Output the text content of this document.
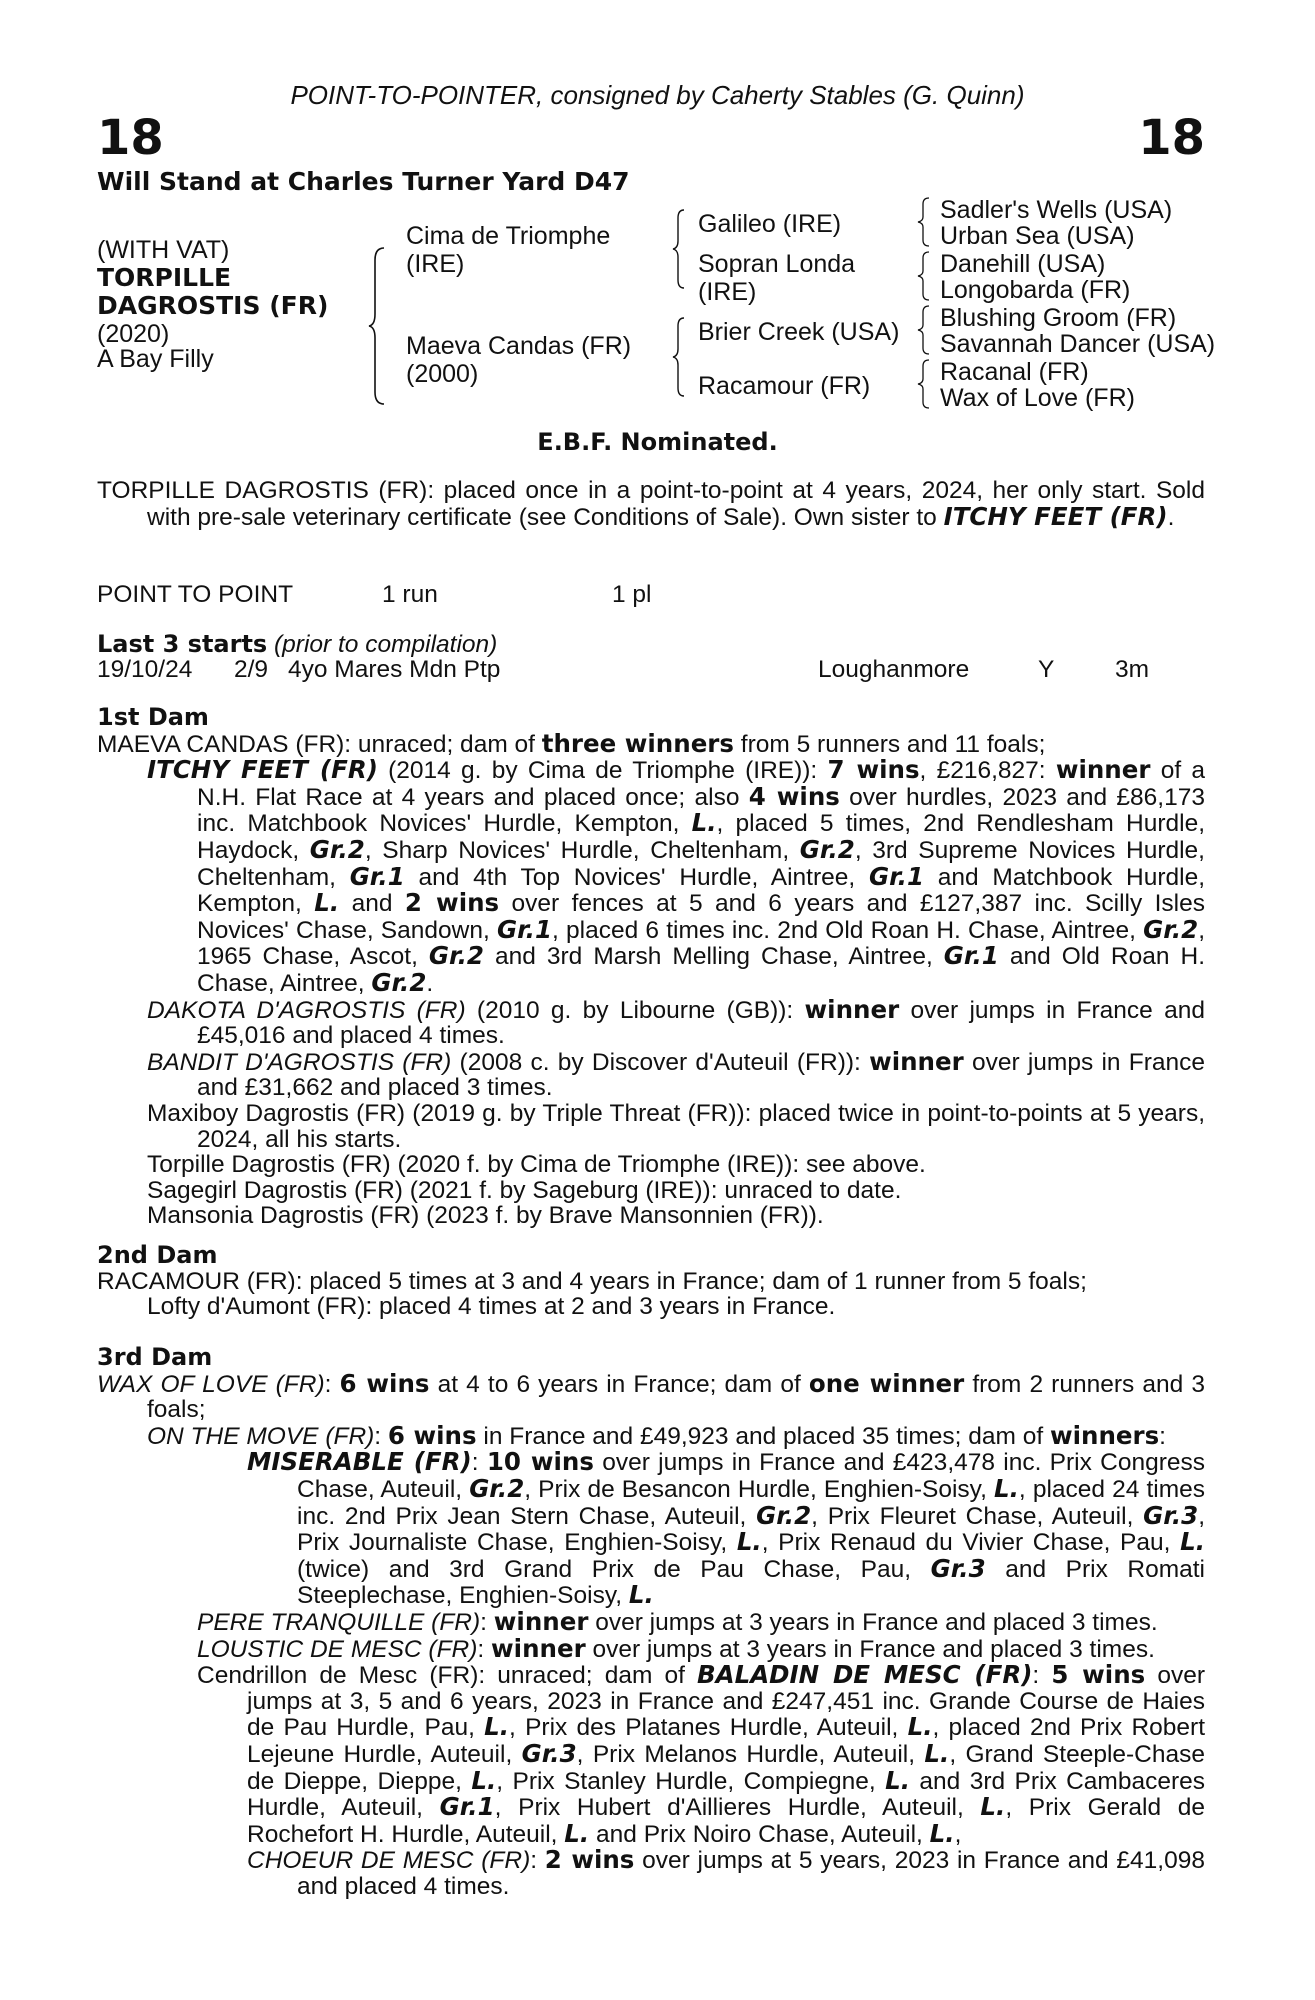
POINT-TO-POINTER, consigned by Caherty Stables (G. Quinn)
18	18
Will Stand at Charles Turner Yard D47
(WITH VAT)
TORPILLE
DAGROSTIS (FR)
(2020)
A Bay Filly
Cima de Triomphe
(IRE)
Maeva Candas (FR)
(2000)
Galileo (IRE)
Sopran Londa
(IRE)
Brier Creek (USA)
Racamour (FR)
Sadler's Wells (USA)
Urban Sea (USA)
Danehill (USA)
Longobarda (FR)
Blushing Groom (FR)
Savannah Dancer (USA)
Racanal (FR)
Wax of Love (FR)
E.B.F. Nominated.

TORPILLE DAGROSTIS (FR): placed once in a point-to-point at 4 years, 2024, her only start. Sold with pre-sale veterinary certificate (see Conditions of Sale). Own sister to ITCHY FEET (FR).

POINT TO POINT	1 run	1 pl
Last 3 starts (prior to compilation)
19/10/24 2/9 4yo Mares Mdn Ptp	Loughanmore	Y 3m

1st Dam

MAEVA CANDAS (FR): unraced; dam of three winners from 5 runners and 11 foals;

ITCHY FEET (FR) (2014 g. by Cima de Triomphe (IRE)): 7 wins, £216,827: winner of a N.H. Flat Race at 4 years and placed once; also 4 wins over hurdles, 2023 and £86,173 inc. Matchbook Novices' Hurdle, Kempton, L., placed 5 times, 2nd Rendlesham Hurdle, Haydock, Gr.2, Sharp Novices' Hurdle, Cheltenham, Gr.2, 3rd Supreme Novices Hurdle, Cheltenham, Gr.1 and 4th Top Novices' Hurdle, Aintree, Gr.1 and Matchbook Hurdle, Kempton, L. and 2 wins over fences at 5 and 6 years and £127,387 inc. Scilly Isles Novices' Chase, Sandown, Gr.1, placed 6 times inc. 2nd Old Roan H. Chase, Aintree, Gr.2, 1965 Chase, Ascot, Gr.2 and 3rd Marsh Melling Chase, Aintree, Gr.1 and Old Roan H. Chase, Aintree, Gr.2.

DAKOTA D'AGROSTIS (FR) (2010 g. by Libourne (GB)): winner over jumps in France and £45,016 and placed 4 times.

BANDIT D'AGROSTIS (FR) (2008 c. by Discover d'Auteuil (FR)): winner over jumps in France and £31,662 and placed 3 times.

Maxiboy Dagrostis (FR) (2019 g. by Triple Threat (FR)): placed twice in point-to-points at 5 years, 2024, all his starts.

Torpille Dagrostis (FR) (2020 f. by Cima de Triomphe (IRE)): see above.

Sagegirl Dagrostis (FR) (2021 f. by Sageburg (IRE)): unraced to date.

Mansonia Dagrostis (FR) (2023 f. by Brave Mansonnien (FR)).

2nd Dam

RACAMOUR (FR): placed 5 times at 3 and 4 years in France; dam of 1 runner from 5 foals;

Lofty d'Aumont (FR): placed 4 times at 2 and 3 years in France.

3rd Dam

WAX OF LOVE (FR): 6 wins at 4 to 6 years in France; dam of one winner from 2 runners and 3 foals;

ON THE MOVE (FR): 6 wins in France and £49,923 and placed 35 times; dam of winners:

MISERABLE (FR): 10 wins over jumps in France and £423,478 inc. Prix Congress Chase, Auteuil, Gr.2, Prix de Besancon Hurdle, Enghien-Soisy, L., placed 24 times inc. 2nd Prix Jean Stern Chase, Auteuil, Gr.2, Prix Fleuret Chase, Auteuil, Gr.3, Prix Journaliste Chase, Enghien-Soisy, L., Prix Renaud du Vivier Chase, Pau, L. (twice) and 3rd Grand Prix de Pau Chase, Pau, Gr.3 and Prix Romati Steeplechase, Enghien-Soisy, L.

PERE TRANQUILLE (FR): winner over jumps at 3 years in France and placed 3 times.

LOUSTIC DE MESC (FR): winner over jumps at 3 years in France and placed 3 times.

Cendrillon de Mesc (FR): unraced; dam of BALADIN DE MESC (FR): 5 wins over jumps at 3, 5 and 6 years, 2023 in France and £247,451 inc. Grande Course de Haies de Pau Hurdle, Pau, L., Prix des Platanes Hurdle, Auteuil, L., placed 2nd Prix Robert Lejeune Hurdle, Auteuil, Gr.3, Prix Melanos Hurdle, Auteuil, L., Grand Steeple-Chase de Dieppe, Dieppe, L., Prix Stanley Hurdle, Compiegne, L. and 3rd Prix Cambaceres Hurdle, Auteuil, Gr.1, Prix Hubert d'Aillieres Hurdle, Auteuil, L., Prix Gerald de Rochefort H. Hurdle, Auteuil, L. and Prix Noiro Chase, Auteuil, L.,

CHOEUR DE MESC (FR): 2 wins over jumps at 5 years, 2023 in France and £41,098 and placed 4 times.
